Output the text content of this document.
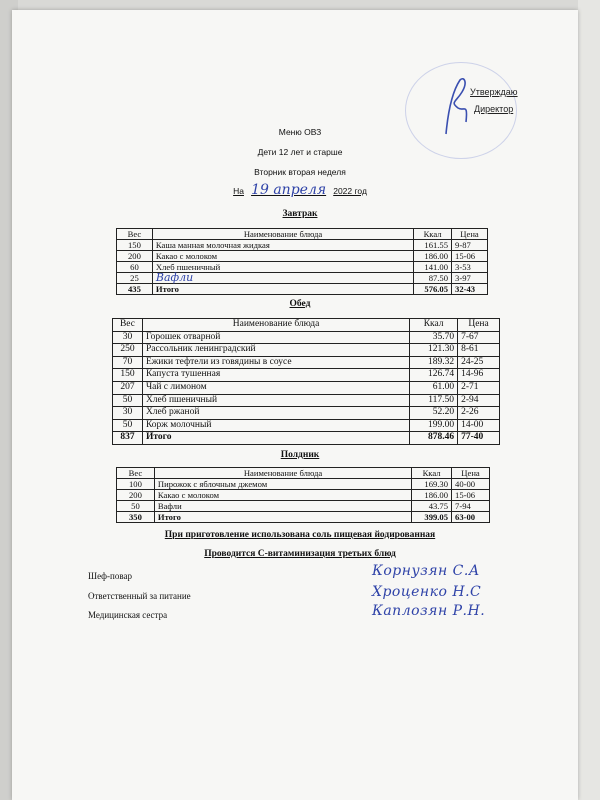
Утверждаю
Директор
Меню ОВЗ
Дети 12 лет и старше
Вторник вторая неделя
На 19 апреля 2022 год
Завтрак
Вес	Наименование блюда	Ккал	Цена
150	Каша манная молочная жидкая	161.55	9-87
200	Какао с молоком	186.00	15-06
60	Хлеб пшеничный	141.00	3-53
25	Вафли	87.50	3-97
435	Итого	576.05	32-43
Обед
Вес	Наименование блюда	Ккал	Цена
30	Горошек отварной	35.70	7-67
250	Рассольник ленинградский	121.30	8-61
70	Ежики тефтели из говядины в соусе	189.32	24-25
150	Капуста тушенная	126.74	14-96
207	Чай с лимоном	61.00	2-71
50	Хлеб пшеничный	117.50	2-94
30	Хлеб ржаной	52.20	2-26
50	Корж молочный	199.00	14-00
837	Итого	878.46	77-40
Полдник
Вес	Наименование блюда	Ккал	Цена
100	Пирожок с яблочным джемом	169.30	40-00
200	Какао с молоком	186.00	15-06
50	Вафли	43.75	7-94
350	Итого	399.05	63-00
При приготовление использована соль пищевая йодированная
Проводится С-витаминизация третьих блюд
Шеф-повар	Корнузян С.А
Ответственный за питание	Хроценко Н.С
Медицинская сестра	Каплозян Р.Н.
